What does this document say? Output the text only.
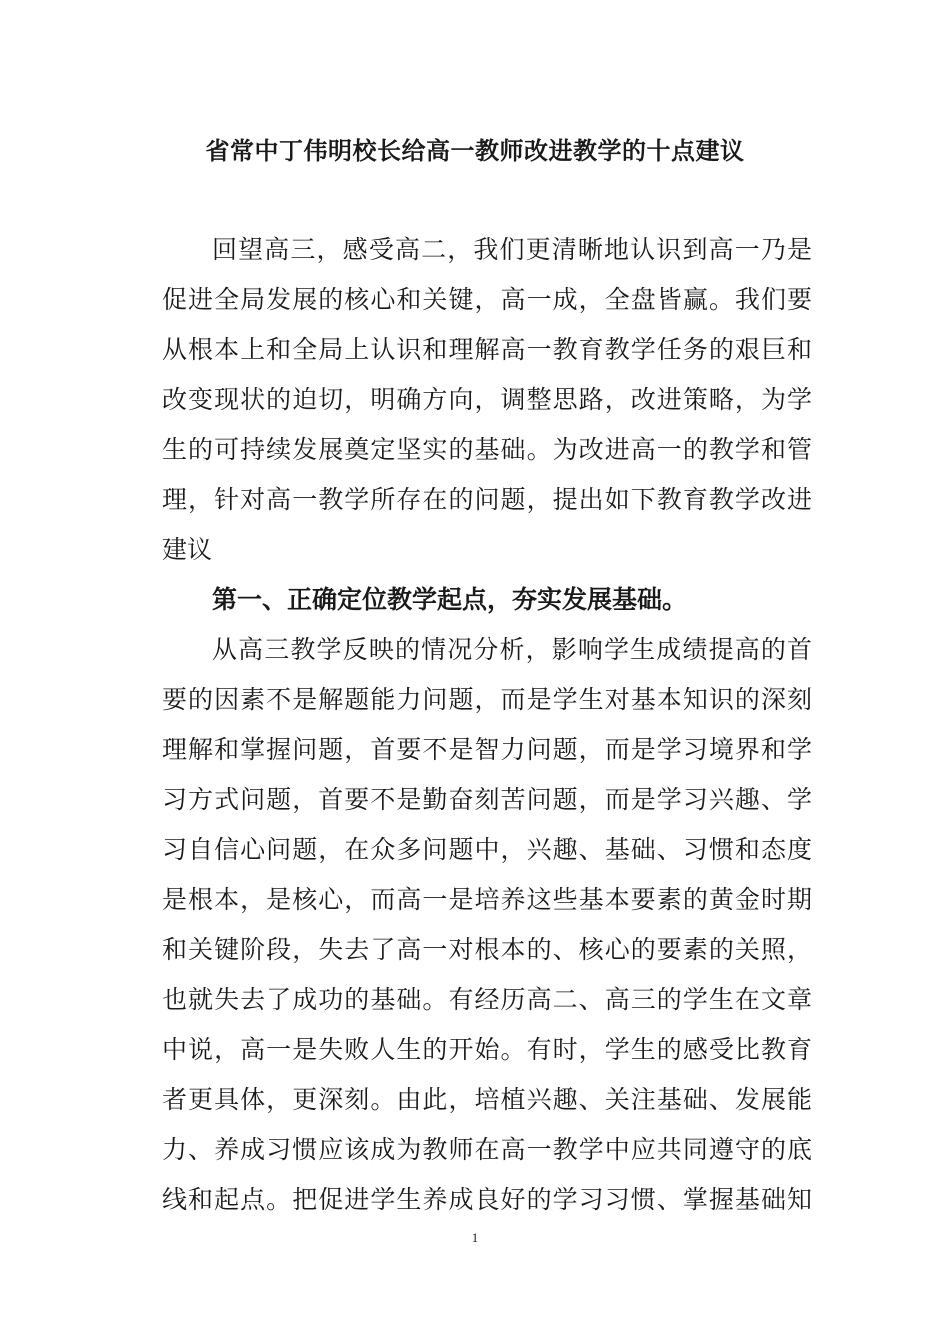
省常中丁伟明校长给高一教师改进教学的十点建议
回望高三，感受高二，我们更清晰地认识到高一乃是
促进全局发展的核心和关键，高一成，全盘皆赢。我们要
从根本上和全局上认识和理解高一教育教学任务的艰巨和
改变现状的迫切，明确方向，调整思路，改进策略，为学
生的可持续发展奠定坚实的基础。为改进高一的教学和管
理，针对高一教学所存在的问题，提出如下教育教学改进
建议
第一、正确定位教学起点，夯实发展基础。
从高三教学反映的情况分析，影响学生成绩提高的首
要的因素不是解题能力问题，而是学生对基本知识的深刻
理解和掌握问题，首要不是智力问题，而是学习境界和学
习方式问题，首要不是勤奋刻苦问题，而是学习兴趣、学
习自信心问题，在众多问题中，兴趣、基础、习惯和态度
是根本，是核心，而高一是培养这些基本要素的黄金时期
和关键阶段，失去了高一对根本的、核心的要素的关照，
也就失去了成功的基础。有经历高二、高三的学生在文章
中说，高一是失败人生的开始。有时，学生的感受比教育
者更具体，更深刻。由此，培植兴趣、关注基础、发展能
力、养成习惯应该成为教师在高一教学中应共同遵守的底
线和起点。把促进学生养成良好的学习习惯、掌握基础知
1
